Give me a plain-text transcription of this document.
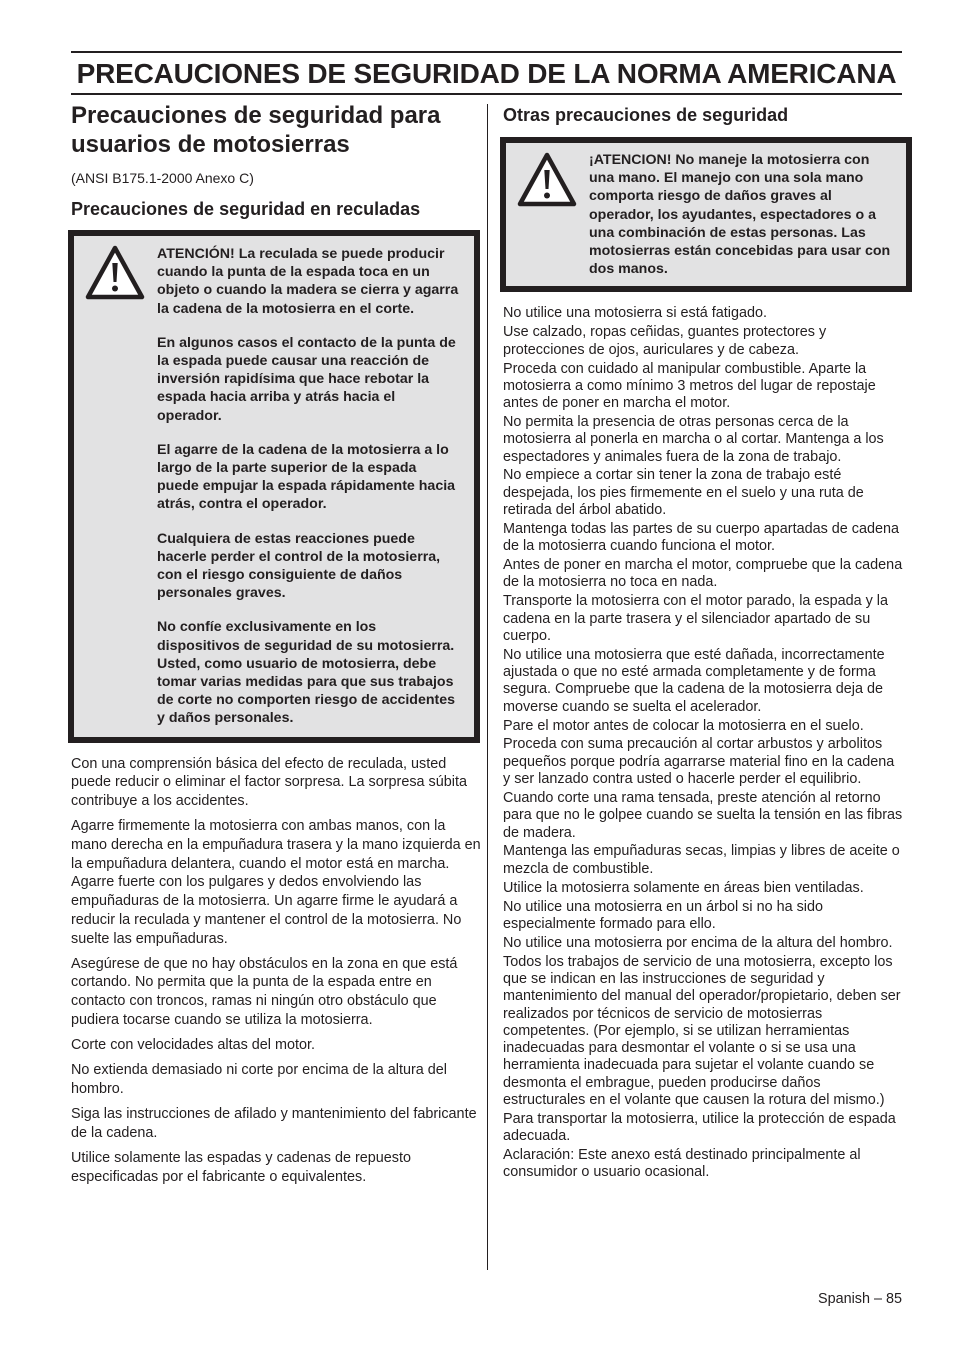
PRECAUCIONES DE SEGURIDAD DE LA NORMA AMERICANA
Precauciones de seguridad para usuarios de motosierras

(ANSI B175.1-2000 Anexo C)

Precauciones de seguridad en reculadas

ATENCIÓN! La reculada se puede producir cuando la punta de la espada toca en un objeto o cuando la madera se cierra y agarra la cadena de la motosierra en el corte.

En algunos casos el contacto de la punta de la espada puede causar una reacción de inversión rapidísima que hace rebotar la espada hacia arriba y atrás hacia el operador.

El agarre de la cadena de la motosierra a lo largo de la parte superior de la espada puede empujar la espada rápidamente hacia atrás, contra el operador.

Cualquiera de estas reacciones puede hacerle perder el control de la motosierra, con el riesgo consiguiente de daños personales graves.

No confíe exclusivamente en los dispositivos de seguridad de su motosierra. Usted, como usuario de motosierra, debe tomar varias medidas para que sus trabajos de corte no comporten riesgo de accidentes y daños personales.

Con una comprensión básica del efecto de reculada, usted puede reducir o eliminar el factor sorpresa. La sorpresa súbita contribuye a los accidentes.

Agarre firmemente la motosierra con ambas manos, con la mano derecha en la empuñadura trasera y la mano izquierda en la empuñadura delantera, cuando el motor está en marcha. Agarre fuerte con los pulgares y dedos envolviendo las empuñaduras de la motosierra. Un agarre firme le ayudará a reducir la reculada y mantener el control de la motosierra. No suelte las empuñaduras.

Asegúrese de que no hay obstáculos en la zona en que está cortando. No permita que la punta de la espada entre en contacto con troncos, ramas ni ningún otro obstáculo que pudiera tocarse cuando se utiliza la motosierra.

Corte con velocidades altas del motor.

No extienda demasiado ni corte por encima de la altura del hombro.

Siga las instrucciones de afilado y mantenimiento del fabricante de la cadena.

Utilice solamente las espadas y cadenas de repuesto especificadas por el fabricante o equivalentes.

Otras precauciones de seguridad

¡ATENCION! No maneje la motosierra con una mano. El manejo con una sola mano comporta riesgo de daños graves al operador, los ayudantes, espectadores o a una combinación de estas personas. Las motosierras están concebidas para usar con dos manos.

No utilice una motosierra si está fatigado.

Use calzado, ropas ceñidas, guantes protectores y protecciones de ojos, auriculares y de cabeza.

Proceda con cuidado al manipular combustible. Aparte la motosierra a como mínimo 3 metros del lugar de repostaje antes de poner en marcha el motor.

No permita la presencia de otras personas cerca de la motosierra al ponerla en marcha o al cortar. Mantenga a los espectadores y animales fuera de la zona de trabajo.

No empiece a cortar sin tener la zona de trabajo esté despejada, los pies firmemente en el suelo y una ruta de retirada del árbol abatido.

Mantenga todas las partes de su cuerpo apartadas de cadena de la motosierra cuando funciona el motor.

Antes de poner en marcha el motor, compruebe que la cadena de la motosierra no toca en nada.

Transporte la motosierra con el motor parado, la espada y la cadena en la parte trasera y el silenciador apartado de su cuerpo.

No utilice una motosierra que esté dañada, incorrectamente ajustada o que no esté armada completamente y de forma segura. Compruebe que la cadena de la motosierra deja de moverse cuando se suelta el acelerador.

Pare el motor antes de colocar la motosierra en el suelo.

Proceda con suma precaución al cortar arbustos y arbolitos pequeños porque podría agarrarse material fino en la cadena y ser lanzado contra usted o hacerle perder el equilibrio.

Cuando corte una rama tensada, preste atención al retorno para que no le golpee cuando se suelta la tensión en las fibras de madera.

Mantenga las empuñaduras secas, limpias y libres de aceite o mezcla de combustible.

Utilice la motosierra solamente en áreas bien ventiladas.

No utilice una motosierra en un árbol si no ha sido especialmente formado para ello.

No utilice una motosierra por encima de la altura del hombro.

Todos los trabajos de servicio de una motosierra, excepto los que se indican en las instrucciones de seguridad y mantenimiento del manual del operador/propietario, deben ser realizados por técnicos de servicio de motosierras competentes. (Por ejemplo, si se utilizan herramientas inadecuadas para desmontar el volante o si se usa una herramienta inadecuada para sujetar el volante cuando se desmonta el embrague, pueden producirse daños estructurales en el volante que causen la rotura del mismo.)

Para transportar la motosierra, utilice la protección de espada adecuada.

Aclaración: Este anexo está destinado principalmente al consumidor o usuario ocasional.

Spanish – 85
